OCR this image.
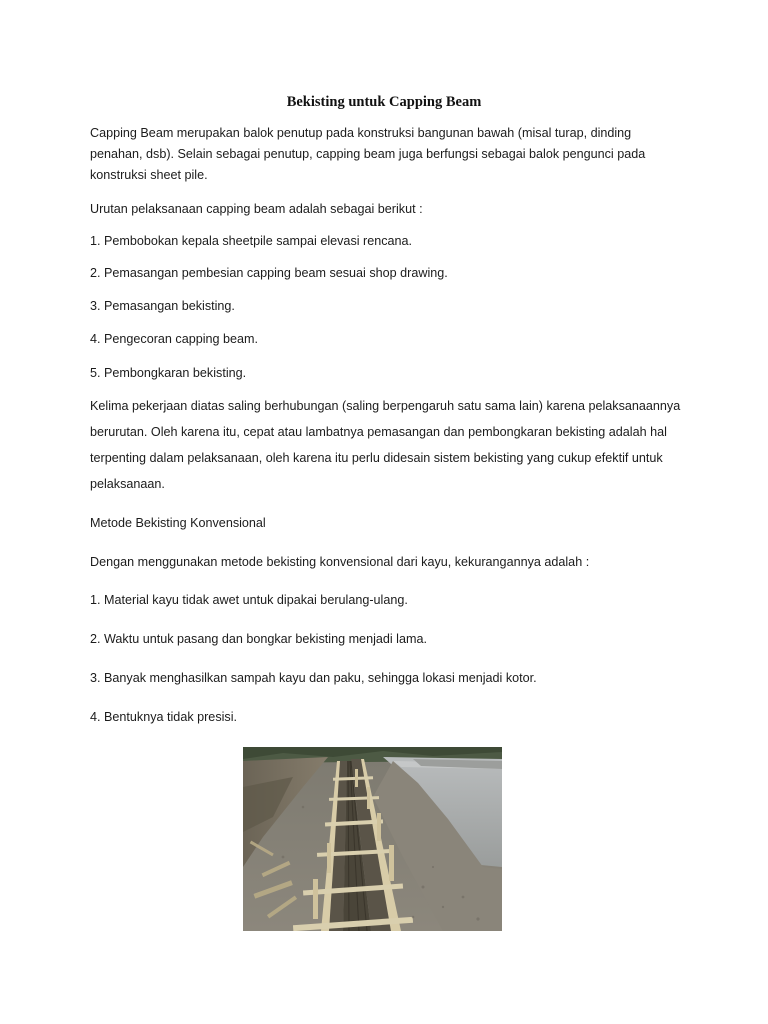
Bekisting untuk Capping Beam
Capping Beam merupakan balok penutup pada konstruksi bangunan bawah (misal turap, dinding
penahan, dsb). Selain sebagai penutup, capping beam juga berfungsi sebagai balok pengunci pada
konstruksi sheet pile.
Urutan pelaksanaan capping beam adalah sebagai berikut :
1. Pembobokan kepala sheetpile sampai elevasi rencana.
2. Pemasangan pembesian capping beam sesuai shop drawing.
3. Pemasangan bekisting.
4. Pengecoran capping beam.
5. Pembongkaran bekisting.
Kelima pekerjaan diatas saling berhubungan (saling berpengaruh satu sama lain) karena pelaksanaannya
berurutan. Oleh karena itu, cepat atau lambatnya pemasangan dan pembongkaran bekisting adalah hal
terpenting dalam pelaksanaan, oleh karena itu perlu didesain sistem bekisting yang cukup efektif untuk
pelaksanaan.
Metode Bekisting Konvensional
Dengan menggunakan metode bekisting konvensional dari kayu, kekurangannya adalah :
1. Material kayu tidak awet untuk dipakai berulang-ulang.
2. Waktu untuk pasang dan bongkar bekisting menjadi lama.
3. Banyak menghasilkan sampah kayu dan paku, sehingga lokasi menjadi kotor.
4. Bentuknya tidak presisi.
